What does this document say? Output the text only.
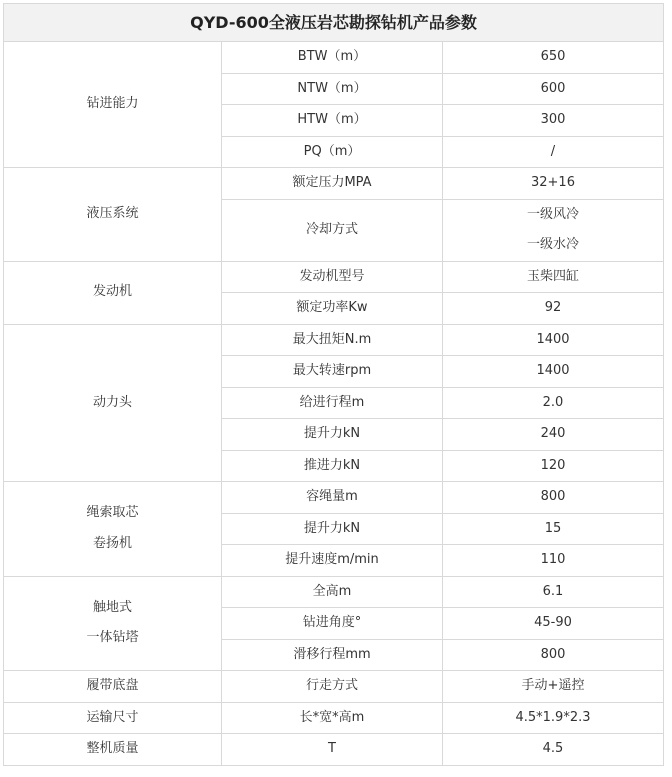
QYD-600全液压岩芯勘探钻机产品参数		

钻进能力	BTW（m）	650

	NTW（m）	600

	HTW（m）	300

	PQ（m）	/

液压系统	额定压力MPA	32+16

	冷却方式	一级风冷
一级水冷

发动机	发动机型号	玉柴四缸

	额定功率Kw	92

动力头	最大扭矩N.m	1400

	最大转速rpm	1400

	给进行程m	2.0

	提升力kN	240

	推进力kN	120

绳索取芯
卷扬机	容绳量m	800

	提升力kN	15

	提升速度m/min	110

触地式
一体钻塔	全高m	6.1

	钻进角度°	45-90

	滑移行程mm	800

履带底盘	行走方式	手动+遥控

运输尺寸	长*宽*高m	4.5*1.9*2.3

整机质量	T	4.5
